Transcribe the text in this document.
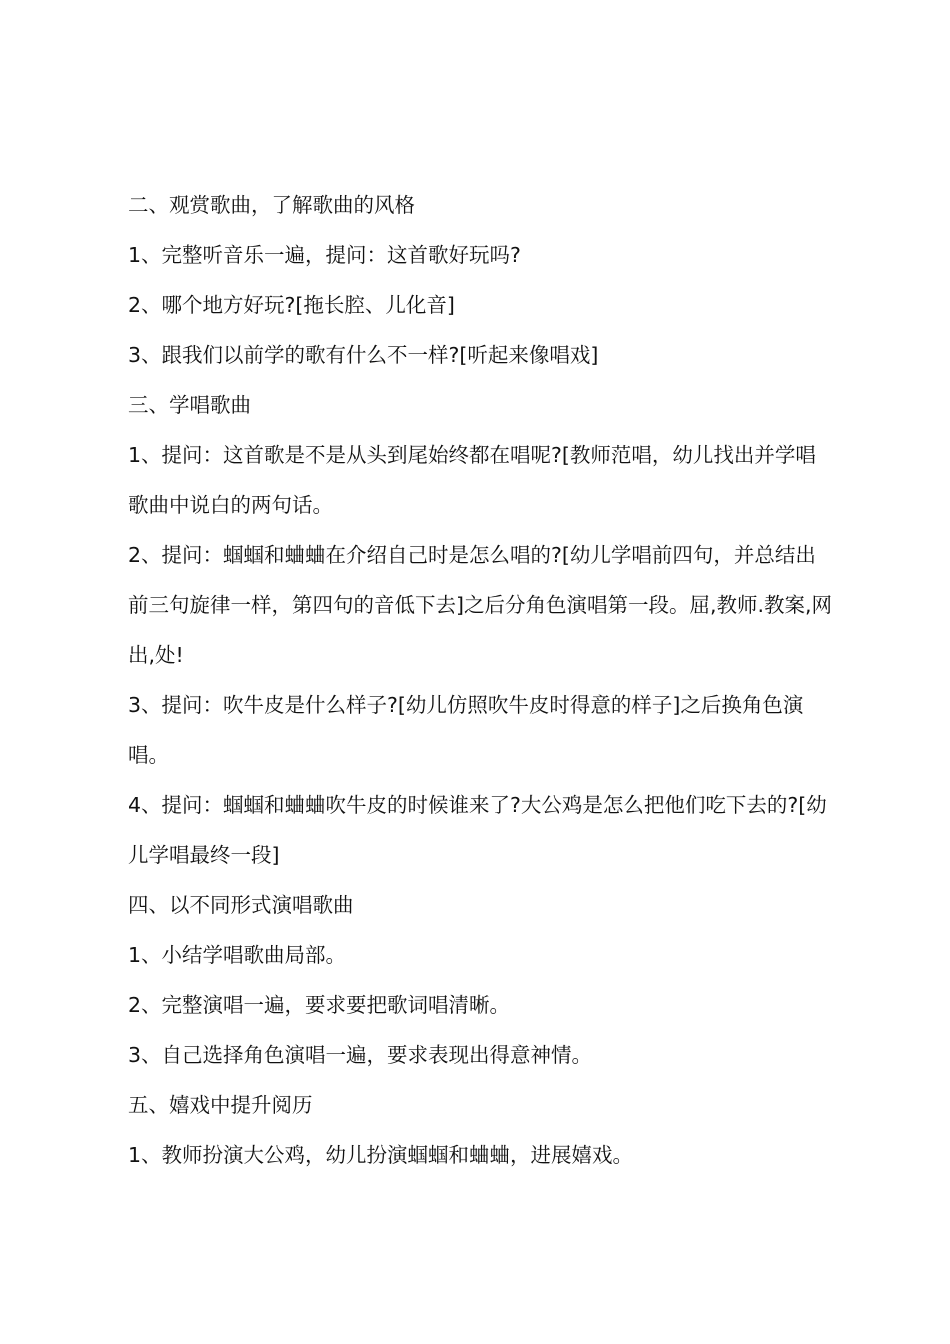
二、观赏歌曲，了解歌曲的风格

1、完整听音乐一遍，提问：这首歌好玩吗?

2、哪个地方好玩?[拖长腔、儿化音]

3、跟我们以前学的歌有什么不一样?[听起来像唱戏]

三、学唱歌曲

1、提问：这首歌是不是从头到尾始终都在唱呢?[教师范唱，幼儿找出并学唱歌曲中说白的两句话。

2、提问：蝈蝈和蛐蛐在介绍自己时是怎么唱的?[幼儿学唱前四句，并总结出前三句旋律一样，第四句的音低下去]之后分角色演唱第一段。屈,教师.教案,网出,处!

3、提问：吹牛皮是什么样子?[幼儿仿照吹牛皮时得意的样子]之后换角色演唱。

4、提问：蝈蝈和蛐蛐吹牛皮的时候谁来了?大公鸡是怎么把他们吃下去的?[幼儿学唱最终一段]

四、以不同形式演唱歌曲

1、小结学唱歌曲局部。

2、完整演唱一遍，要求要把歌词唱清晰。

3、自己选择角色演唱一遍，要求表现出得意神情。

五、嬉戏中提升阅历

1、教师扮演大公鸡，幼儿扮演蝈蝈和蛐蛐，进展嬉戏。
